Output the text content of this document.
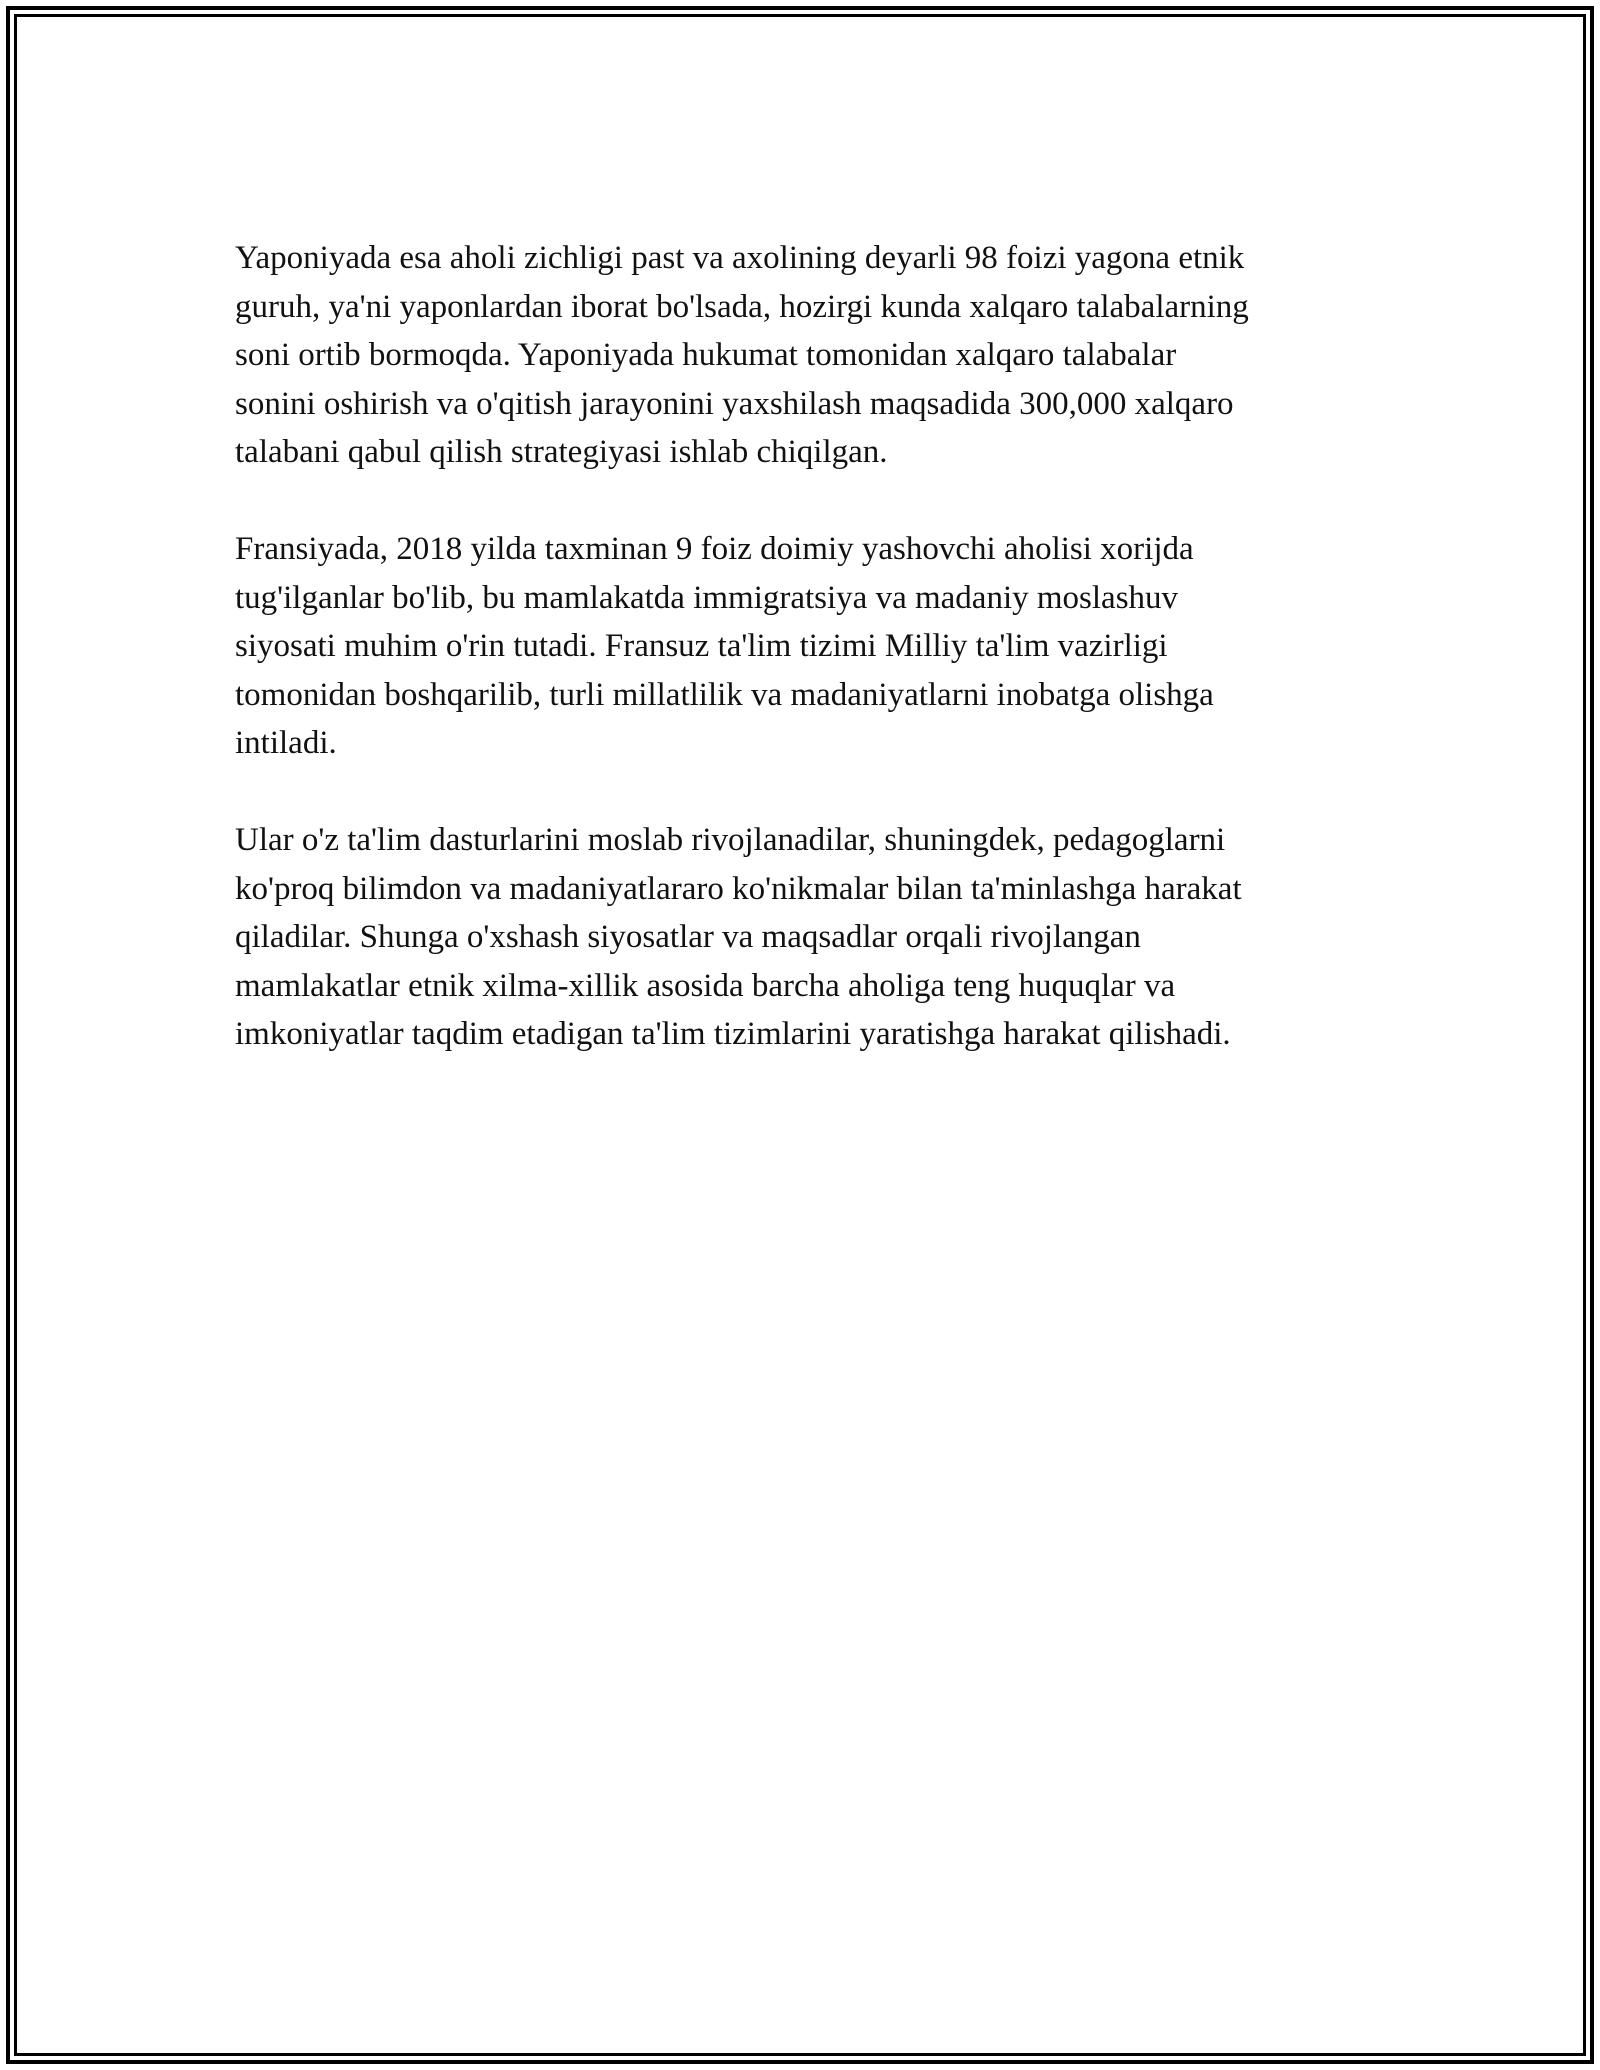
Yaponiyada esa aholi zichligi past va axolining deyarli 98 foizi yagona etnik
guruh, ya'ni yaponlardan iborat bo'lsada, hozirgi kunda xalqaro talabalarning
soni ortib bormoqda. Yaponiyada hukumat tomonidan xalqaro talabalar
sonini oshirish va o'qitish jarayonini yaxshilash maqsadida 300,000 xalqaro
talabani qabul qilish strategiyasi ishlab chiqilgan.

Fransiyada, 2018 yilda taxminan 9 foiz doimiy yashovchi aholisi xorijda
tug'ilganlar bo'lib, bu mamlakatda immigratsiya va madaniy moslashuv
siyosati muhim o'rin tutadi. Fransuz ta'lim tizimi Milliy ta'lim vazirligi
tomonidan boshqarilib, turli millatlilik va madaniyatlarni inobatga olishga
intiladi.

Ular o'z ta'lim dasturlarini moslab rivojlanadilar, shuningdek, pedagoglarni
ko'proq bilimdon va madaniyatlararo ko'nikmalar bilan ta'minlashga harakat
qiladilar. Shunga o'xshash siyosatlar va maqsadlar orqali rivojlangan
mamlakatlar etnik xilma-xillik asosida barcha aholiga teng huquqlar va
imkoniyatlar taqdim etadigan ta'lim tizimlarini yaratishga harakat qilishadi.
